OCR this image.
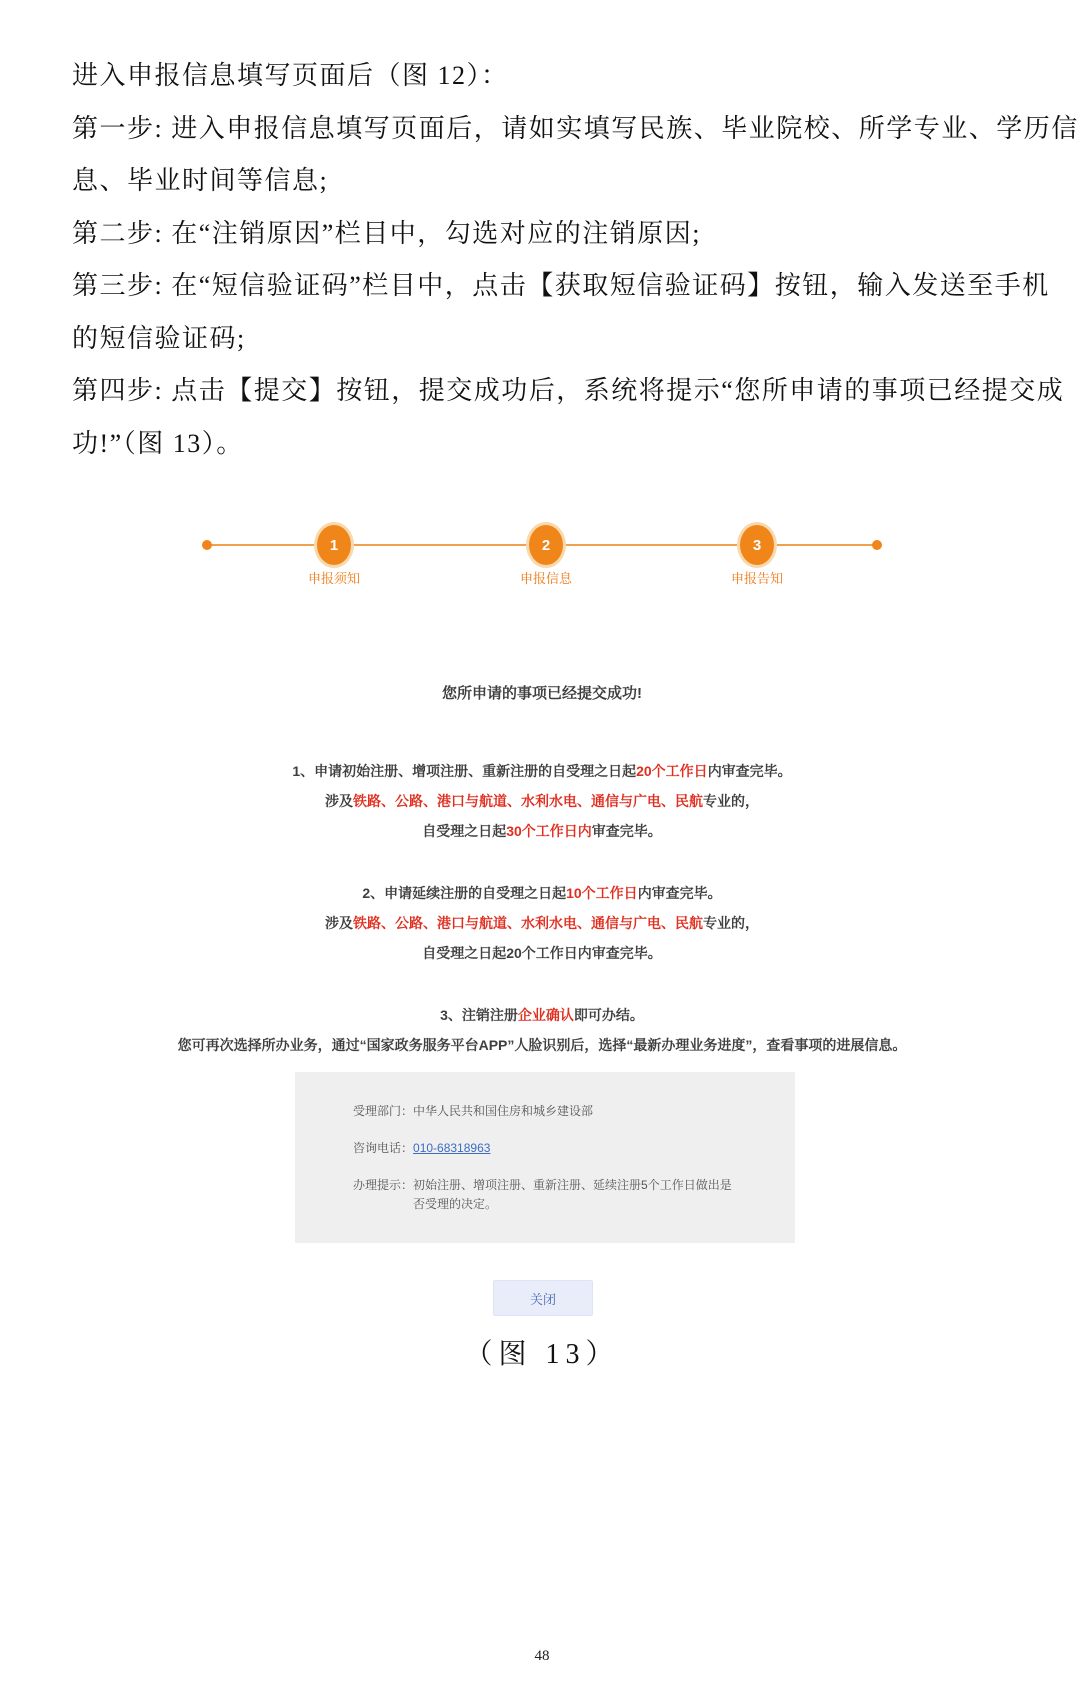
进入申报信息填写页面后（图 12）：
第一步: 进入申报信息填写页面后，请如实填写民族、毕业院校、所学专业、学历信
息、毕业时间等信息;
第二步: 在“注销原因”栏目中，勾选对应的注销原因;
第三步: 在“短信验证码”栏目中，点击【获取短信验证码】按钮，输入发送至手机
的短信验证码;
第四步: 点击【提交】按钮，提交成功后，系统将提示“您所申请的事项已经提交成
功!”（图 13）。
1
申报须知
2
申报信息
3
申报告知
您所申请的事项已经提交成功!
1、申请初始注册、增项注册、重新注册的自受理之日起20个工作日内审查完毕。
涉及铁路、公路、港口与航道、水利水电、通信与广电、民航专业的，
自受理之日起30个工作日内审查完毕。
2、申请延续注册的自受理之日起10个工作日内审查完毕。
涉及铁路、公路、港口与航道、水利水电、通信与广电、民航专业的，
自受理之日起20个工作日内审查完毕。
3、注销注册企业确认即可办结。
您可再次选择所办业务，通过“国家政务服务平台APP”人脸识别后，选择“最新办理业务进度”，查看事项的进展信息。
受理部门： 中华人民共和国住房和城乡建设部
咨询电话： 010-68318963
办理提示： 初始注册、增项注册、重新注册、延续注册5个工作日做出是否受理的决定。
关闭
（图 13）
48
